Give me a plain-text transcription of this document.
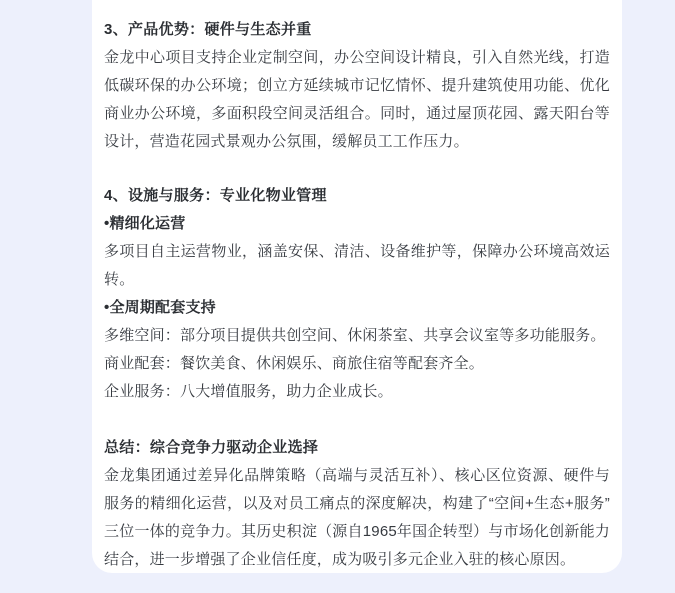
3、产品优势：硬件与生态并重

金龙中心项目支持企业定制空间，办公空间设计精良，引入自然光线，打造低碳环保的办公环境；创立方延续城市记忆情怀、提升建筑使用功能、优化商业办公环境，多面积段空间灵活组合。同时，通过屋顶花园、露天阳台等设计，营造花园式景观办公氛围，缓解员工工作压力。

4、设施与服务：专业化物业管理

•精细化运营

多项目自主运营物业，涵盖安保、清洁、设备维护等，保障办公环境高效运转。

•全周期配套支持

多维空间：部分项目提供共创空间、休闲茶室、共享会议室等多功能服务。

商业配套：餐饮美食、休闲娱乐、商旅住宿等配套齐全。

企业服务：八大增值服务，助力企业成长。

总结：综合竞争力驱动企业选择

金龙集团通过差异化品牌策略（高端与灵活互补）、核心区位资源、硬件与服务的精细化运营，以及对员工痛点的深度解决，构建了“空间+生态+服务”三位一体的竞争力。其历史积淀（源自1965年国企转型）与市场化创新能力结合，进一步增强了企业信任度，成为吸引多元企业入驻的核心原因。
